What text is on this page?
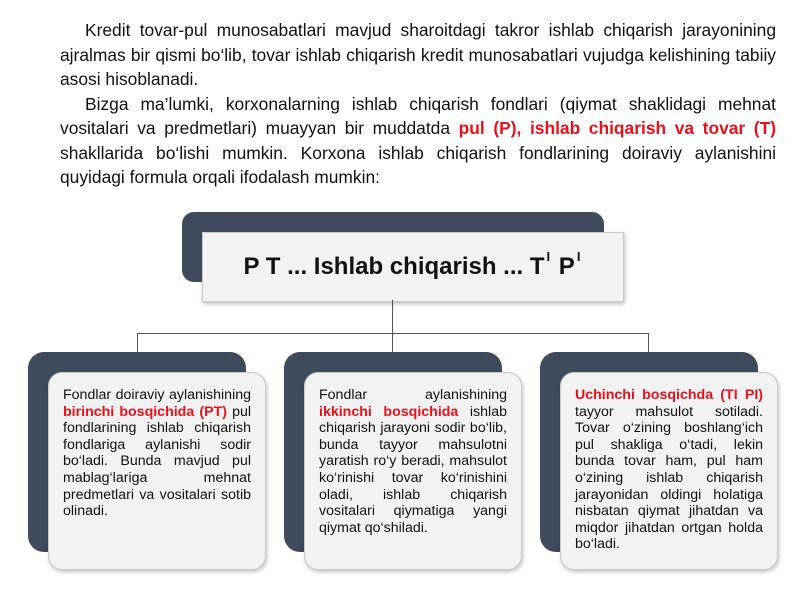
Kredit tovar-pul munosabatlari mavjud sharoitdagi takror ishlab chiqarish jarayonining ajralmas bir qismi bo‘lib, tovar ishlab chiqarish kredit munosabatlari vujudga kelishining tabiiy asosi hisoblanadi.

Bizga ma’lumki, korxonalarning ishlab chiqarish fondlari (qiymat shaklidagi mehnat vositalari va predmetlari) muayyan bir muddatda pul (P), ishlab chiqarish va tovar (T) shakllarida bo‘lishi mumkin. Korxona ishlab chiqarish fondlarining doiraviy aylanishini quyidagi formula orqali ifodalash mumkin:

P T ... Ishlab chiqarish ... T $^I$ P $^I$
Fondlar doiraviy aylanishining birinchi bosqichida (PT) pul fondlarining ishlab chiqarish fondlariga aylanishi sodir bo‘ladi. Bunda mavjud pul mablag‘lariga mehnat predmetlari va vositalari sotib olinadi.
Fondlar aylanishining ikkinchi bosqichida ishlab chiqarish jarayoni sodir bo‘lib, bunda tayyor mahsulotni yaratish ro‘y beradi, mahsulot ko‘rinishi tovar ko‘rinishini oladi, ishlab chiqarish vositalari qiymatiga yangi qiymat qo‘shiladi.
Uchinchi bosqichda (TI PI) tayyor mahsulot sotiladi. Tovar o‘zining boshlang‘ich pul shakliga o‘tadi, lekin bunda tovar ham, pul ham o‘zining ishlab chiqarish jarayonidan oldingi holatiga nisbatan qiymat jihatdan va miqdor jihatdan ortgan holda bo‘ladi.
